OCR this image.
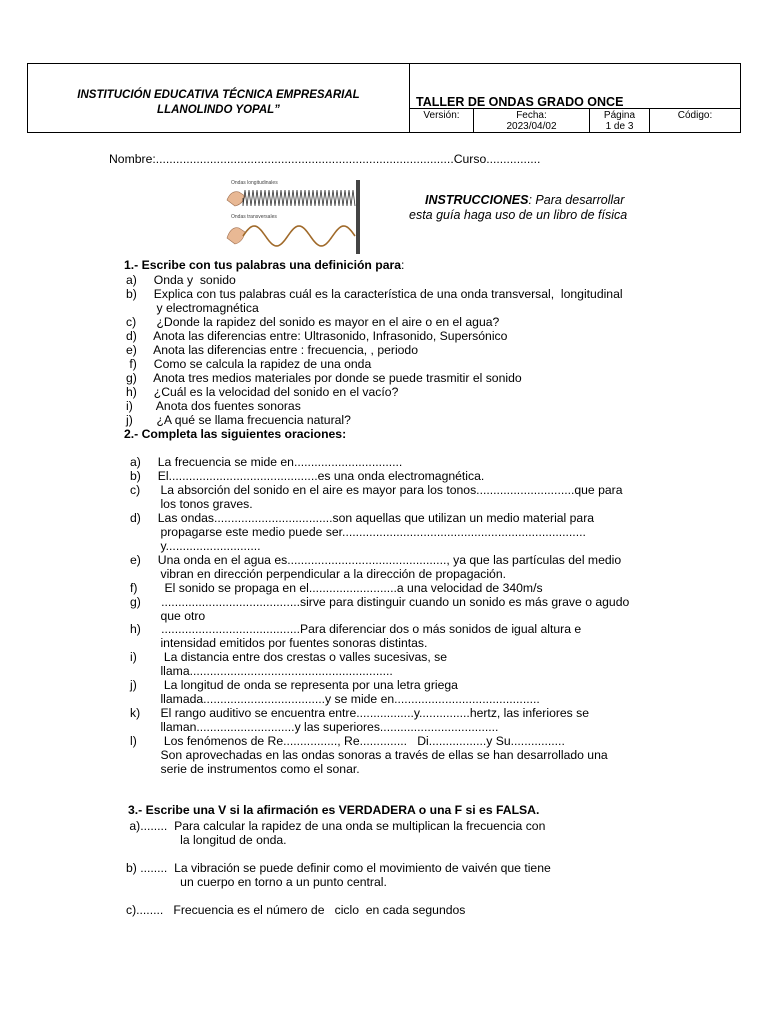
INSTITUCIÓN EDUCATIVA TÉCNICA EMPRESARIAL
LLANOLINDO YOPAL”
TALLER DE ONDAS GRADO ONCE
Versión:	Fecha:
2023/04/02
Página
1 de 3
Código:
Nombre:........................................................................................Curso................
Ondas longitudinales
Ondas transversales
INSTRUCCIONES: Para desarrollar
esta guía haga uso de un libro de física
1.- Escribe con tus palabras una definición para:
a)     Onda y  sonido
b)     Explica con tus palabras cuál es la característica de una onda transversal,  longitudinal
y electromagnética
c)      ¿Donde la rapidez del sonido es mayor en el aire o en el agua?
d)     Anota las diferencias entre: Ultrasonido, Infrasonido, Supersónico
e)     Anota las diferencias entre : frecuencia, , periodo
f)     Como se calcula la rapidez de una onda
g)     Anota tres medios materiales por donde se puede trasmitir el sonido
h)     ¿Cuál es la velocidad del sonido en el vacío?
i)       Anota dos fuentes sonoras
j)       ¿A qué se llama frecuencia natural?
2.- Completa las siguientes oraciones:
a)     La frecuencia se mide en................................
b)     El............................................es una onda electromagnética.
c)      La absorción del sonido en el aire es mayor para los tonos.............................que para
los tonos graves.
d)     Las ondas...................................son aquellas que utilizan un medio material para
propagarse este medio puede ser........................................................................
y............................
e)     Una onda en el agua es..............................................., ya que las partículas del medio
vibran en dirección perpendicular a la dirección de propagación.
f)        El sonido se propaga en el..........................a una velocidad de 340m/s
g)      .........................................sirve para distinguir cuando un sonido es más grave o agudo
que otro
h)      .........................................Para diferenciar dos o más sonidos de igual altura e
intensidad emitidos por fuentes sonoras distintas.
i)        La distancia entre dos crestas o valles sucesivas, se
llama............................................................
j)        La longitud de onda se representa por una letra griega
llamada....................................y se mide en...........................................
k)      El rango auditivo se encuentra entre.................y...............hertz, las inferiores se
llaman.............................y las superiores...................................
l)        Los fenómenos de Re................, Re..............   Di.................y Su................
Son aprovechadas en las ondas sonoras a través de ellas se han desarrollado una
serie de instrumentos como el sonar.
3.- Escribe una V si la afirmación es VERDADERA o una F si es FALSA.
a)........  Para calcular la rapidez de una onda se multiplican la frecuencia con
la longitud de onda.
b) ........  La vibración se puede definir como el movimiento de vaivén que tiene
un cuerpo en torno a un punto central.
c)........   Frecuencia es el número de   ciclo  en cada segundos
